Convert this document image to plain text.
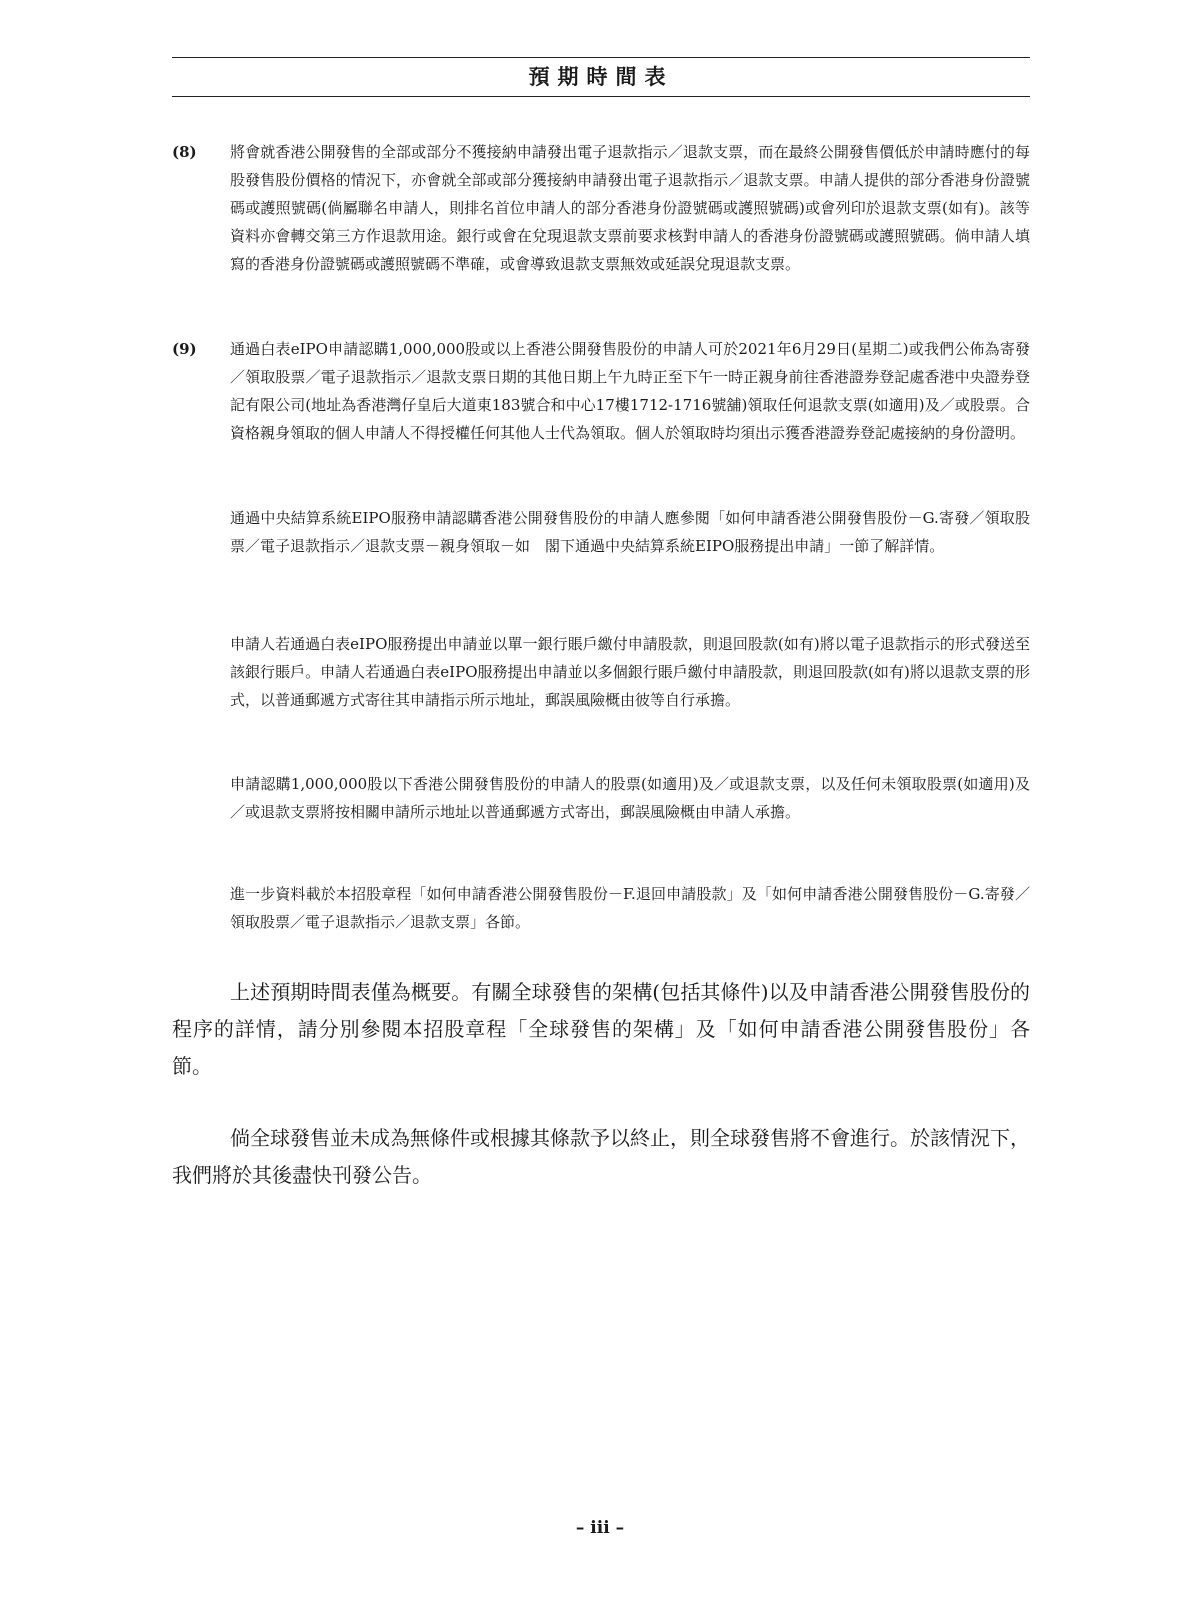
預期時間表
(8) 將會就香港公開發售的全部或部分不獲接納申請發出電子退款指示／退款支票，而在最終公開發售價低於申請時應付的每股發售股份價格的情況下，亦會就全部或部分獲接納申請發出電子退款指示／退款支票。申請人提供的部分香港身份證號碼或護照號碼(倘屬聯名申請人，則排名首位申請人的部分香港身份證號碼或護照號碼)或會列印於退款支票(如有)。該等資料亦會轉交第三方作退款用途。銀行或會在兌現退款支票前要求核對申請人的香港身份證號碼或護照號碼。倘申請人填寫的香港身份證號碼或護照號碼不準確，或會導致退款支票無效或延誤兌現退款支票。
(9) 通過白表eIPO申請認購1,000,000股或以上香港公開發售股份的申請人可於2021年6月29日(星期二)或我們公佈為寄發／領取股票／電子退款指示／退款支票日期的其他日期上午九時正至下午一時正親身前往香港證券登記處香港中央證券登記有限公司(地址為香港灣仔皇后大道東183號合和中心17樓1712-1716號舖)領取任何退款支票(如適用)及／或股票。合資格親身領取的個人申請人不得授權任何其他人士代為領取。個人於領取時均須出示獲香港證券登記處接納的身份證明。
通過中央結算系統EIPO服務申請認購香港公開發售股份的申請人應參閱「如何申請香港公開發售股份－G.寄發／領取股票／電子退款指示／退款支票－親身領取－如　閣下通過中央結算系統EIPO服務提出申請」一節了解詳情。
申請人若通過白表eIPO服務提出申請並以單一銀行賬戶繳付申請股款，則退回股款(如有)將以電子退款指示的形式發送至該銀行賬戶。申請人若通過白表eIPO服務提出申請並以多個銀行賬戶繳付申請股款，則退回股款(如有)將以退款支票的形式，以普通郵遞方式寄往其申請指示所示地址，郵誤風險概由彼等自行承擔。
申請認購1,000,000股以下香港公開發售股份的申請人的股票(如適用)及／或退款支票，以及任何未領取股票(如適用)及／或退款支票將按相關申請所示地址以普通郵遞方式寄出，郵誤風險概由申請人承擔。
進一步資料載於本招股章程「如何申請香港公開發售股份－F.退回申請股款」及「如何申請香港公開發售股份－G.寄發／領取股票／電子退款指示／退款支票」各節。
上述預期時間表僅為概要。有關全球發售的架構(包括其條件)以及申請香港公開發售股份的程序的詳情，請分別參閱本招股章程「全球發售的架構」及「如何申請香港公開發售股份」各節。
倘全球發售並未成為無條件或根據其條款予以終止，則全球發售將不會進行。於該情況下，我們將於其後盡快刊發公告。
– iii –
